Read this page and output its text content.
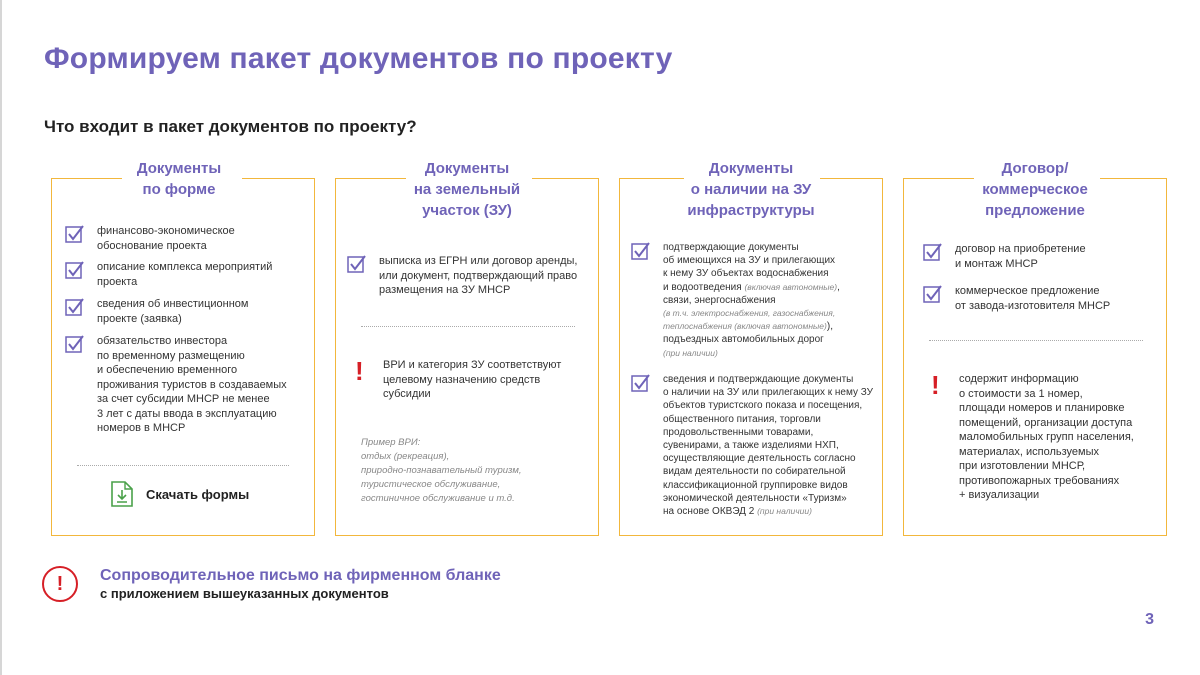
Формируем пакет документов по проекту
Что входит в пакет документов по проекту?
Документы
по форме
финансово-экономическое
обоснование проекта
описание комплекса мероприятий
проекта
сведения об инвестиционном
проекте (заявка)
обязательство инвестора
по временному размещению
и обеспечению временного
проживания туристов в создаваемых
за счет субсидии МНСР не менее
3 лет с даты ввода в эксплуатацию
номеров в МНСР
Скачать формы
Документы
на земельный
участок (ЗУ)
выписка из ЕГРН или договор аренды,
или документ, подтверждающий право
размещения на ЗУ МНСР
!	ВРИ и категория ЗУ соответствуют
целевому назначению средств
субсидии
Пример ВРИ:
отдых (рекреация),
природно-познавательный туризм,
туристическое обслуживание,
гостиничное обслуживание и т.д.
Документы
о наличии на ЗУ
инфраструктуры
подтверждающие документы
об имеющихся на ЗУ и прилегающих
к нему ЗУ объектах водоснабжения
и водоотведения (включая автономные),
связи, энергоснабжения
(в т.ч. электроснабжения, газоснабжения,
теплоснабжения (включая автономные)),
подъездных автомобильных дорог
(при наличии)
сведения и подтверждающие документы
о наличии на ЗУ или прилегающих к нему ЗУ
объектов туристского показа и посещения,
общественного питания, торговли
продовольственными товарами,
сувенирами, а также изделиями НХП,
осуществляющие деятельность согласно
видам деятельности по собирательной
классификационной группировке видов
экономической деятельности «Туризм»
на основе ОКВЭД 2 (при наличии)
Договор/
коммерческое
предложение
договор на приобретение
и монтаж МНСР
коммерческое предложение
от завода-изготовителя МНСР
!	содержит информацию
о стоимости за 1 номер,
площади номеров и планировке
помещений, организации доступа
маломобильных групп населения,
материалах, используемых
при изготовлении МНСР,
противопожарных требованиях
+ визуализации
!	Сопроводительное письмо на фирменном бланке
с приложением вышеуказанных документов
3
